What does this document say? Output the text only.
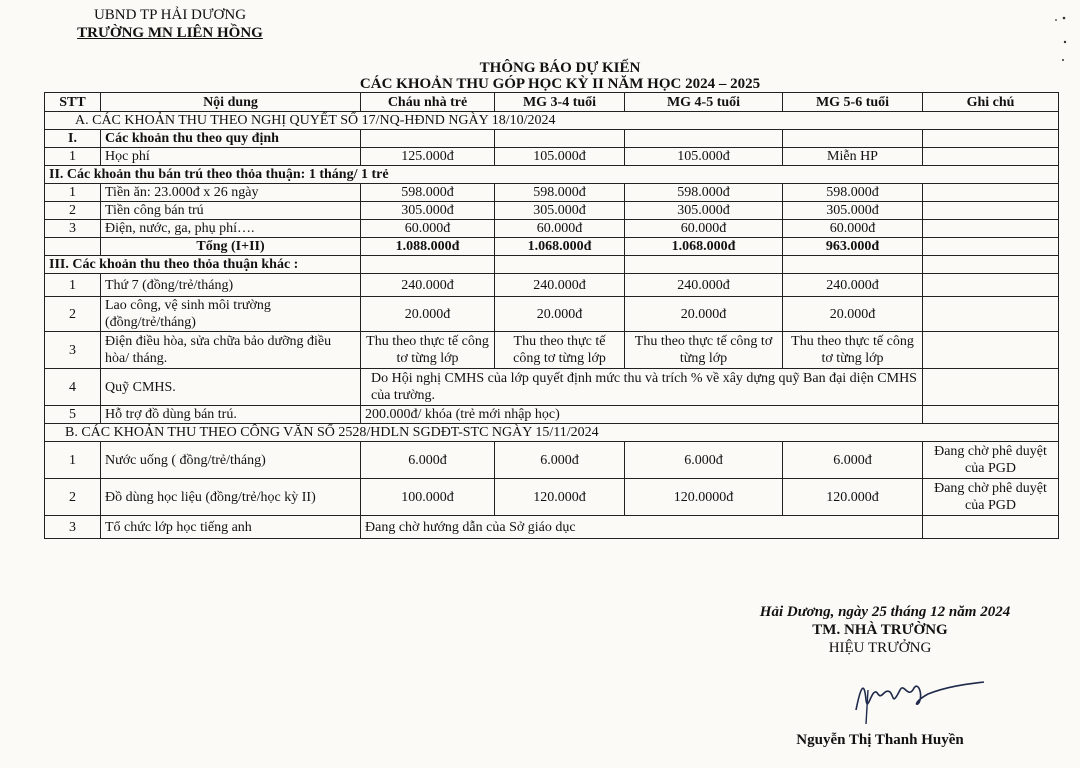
UBND TP HẢI DƯƠNG
TRƯỜNG MN LIÊN HỒNG
THÔNG BÁO DỰ KIẾN
CÁC KHOẢN THU GÓP HỌC KỲ II NĂM HỌC 2024 – 2025
STT	Nội dung	Cháu nhà trẻ	MG 3-4 tuổi	MG 4-5 tuổi	MG 5-6 tuổi	Ghi chú
A. CÁC KHOẢN THU THEO NGHỊ QUYẾT SỐ 17/NQ-HĐND NGÀY 18/10/2024						
I.	Các khoản thu theo quy định					
1	Học phí	125.000đ	105.000đ	105.000đ	Miễn HP	
II. Các khoản thu bán trú theo thỏa thuận: 1 tháng/ 1 trẻ						
1	Tiền ăn: 23.000đ x 26 ngày	598.000đ	598.000đ	598.000đ	598.000đ	
2	Tiền công bán trú	305.000đ	305.000đ	305.000đ	305.000đ	
3	Điện, nước, ga, phụ phí….	60.000đ	60.000đ	60.000đ	60.000đ	
	Tổng (I+II)	1.088.000đ	1.068.000đ	1.068.000đ	963.000đ	
III. Các khoản thu theo thỏa thuận khác :						
1	Thứ 7 (đồng/trẻ/tháng)	240.000đ	240.000đ	240.000đ	240.000đ	
2	Lao công, vệ sinh môi trường (đồng/trẻ/tháng)	20.000đ	20.000đ	20.000đ	20.000đ	
3	Điện điều hòa, sửa chữa bảo dưỡng điều hòa/ tháng.	Thu theo thực tế công tơ từng lớp	Thu theo thực tế công tơ từng lớp	Thu theo thực tế công tơ từng lớp	Thu theo thực tế công tơ từng lớp	
4	Quỹ CMHS.	Do Hội nghị CMHS của lớp quyết định mức thu và trích % về xây dựng quỹ Ban đại diện CMHS của trường.				
5	Hỗ trợ đồ dùng bán trú.	200.000đ/ khóa (trẻ mới nhập học)				
B. CÁC KHOẢN THU THEO CÔNG VĂN SỐ 2528/HDLN SGDĐT-STC NGÀY 15/11/2024						
1	Nước uống ( đồng/trẻ/tháng)	6.000đ	6.000đ	6.000đ	6.000đ	Đang chờ phê duyệt của PGD
2	Đồ dùng học liệu (đồng/trẻ/học kỳ II)	100.000đ	120.000đ	120.0000đ	120.000đ	Đang chờ phê duyệt của PGD
3	Tổ chức lớp học tiếng anh	Đang chờ hướng dẫn của Sở giáo dục				
Hải Dương, ngày 25 tháng 12 năm 2024
TM. NHÀ TRƯỜNG
HIỆU TRƯỞNG
Nguyễn Thị Thanh Huyền
